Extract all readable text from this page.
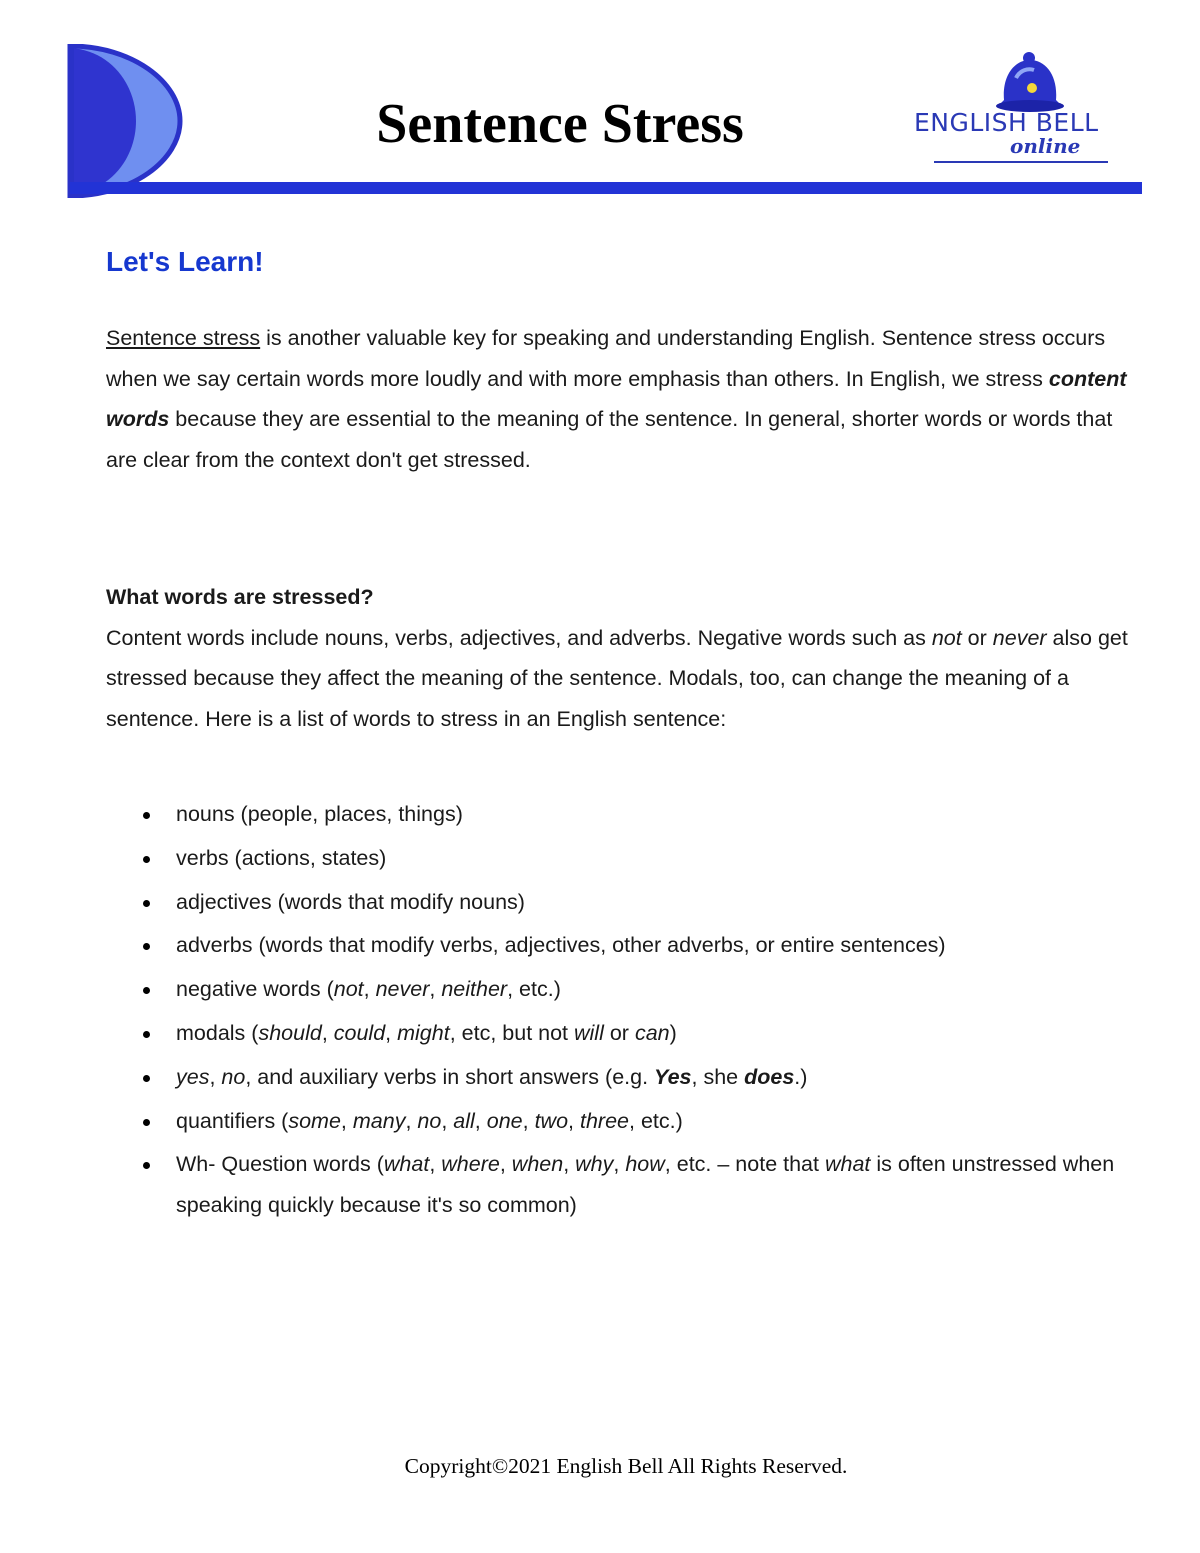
Sentence Stress	ENGLISH BELL
online
Let's Learn!

Sentence stress is another valuable key for speaking and understanding English. Sentence stress occurs when we say certain words more loudly and with more emphasis than others. In English, we stress content words because they are essential to the meaning of the sentence. In general, shorter words or words that are clear from the context don't get stressed.

What words are stressed?

Content words include nouns, verbs, adjectives, and adverbs. Negative words such as not or never also get stressed because they affect the meaning of the sentence. Modals, too, can change the meaning of a sentence. Here is a list of words to stress in an English sentence:

nouns (people, places, things)
verbs (actions, states)
adjectives (words that modify nouns)
adverbs (words that modify verbs, adjectives, other adverbs, or entire sentences)
negative words (not, never, neither, etc.)
modals (should, could, might, etc, but not will or can)
yes, no, and auxiliary verbs in short answers (e.g. Yes, she does.)
quantifiers (some, many, no, all, one, two, three, etc.)
Wh- Question words (what, where, when, why, how, etc. – note that what is often unstressed when speaking quickly because it's so common)
Copyright©2021 English Bell All Rights Reserved.
